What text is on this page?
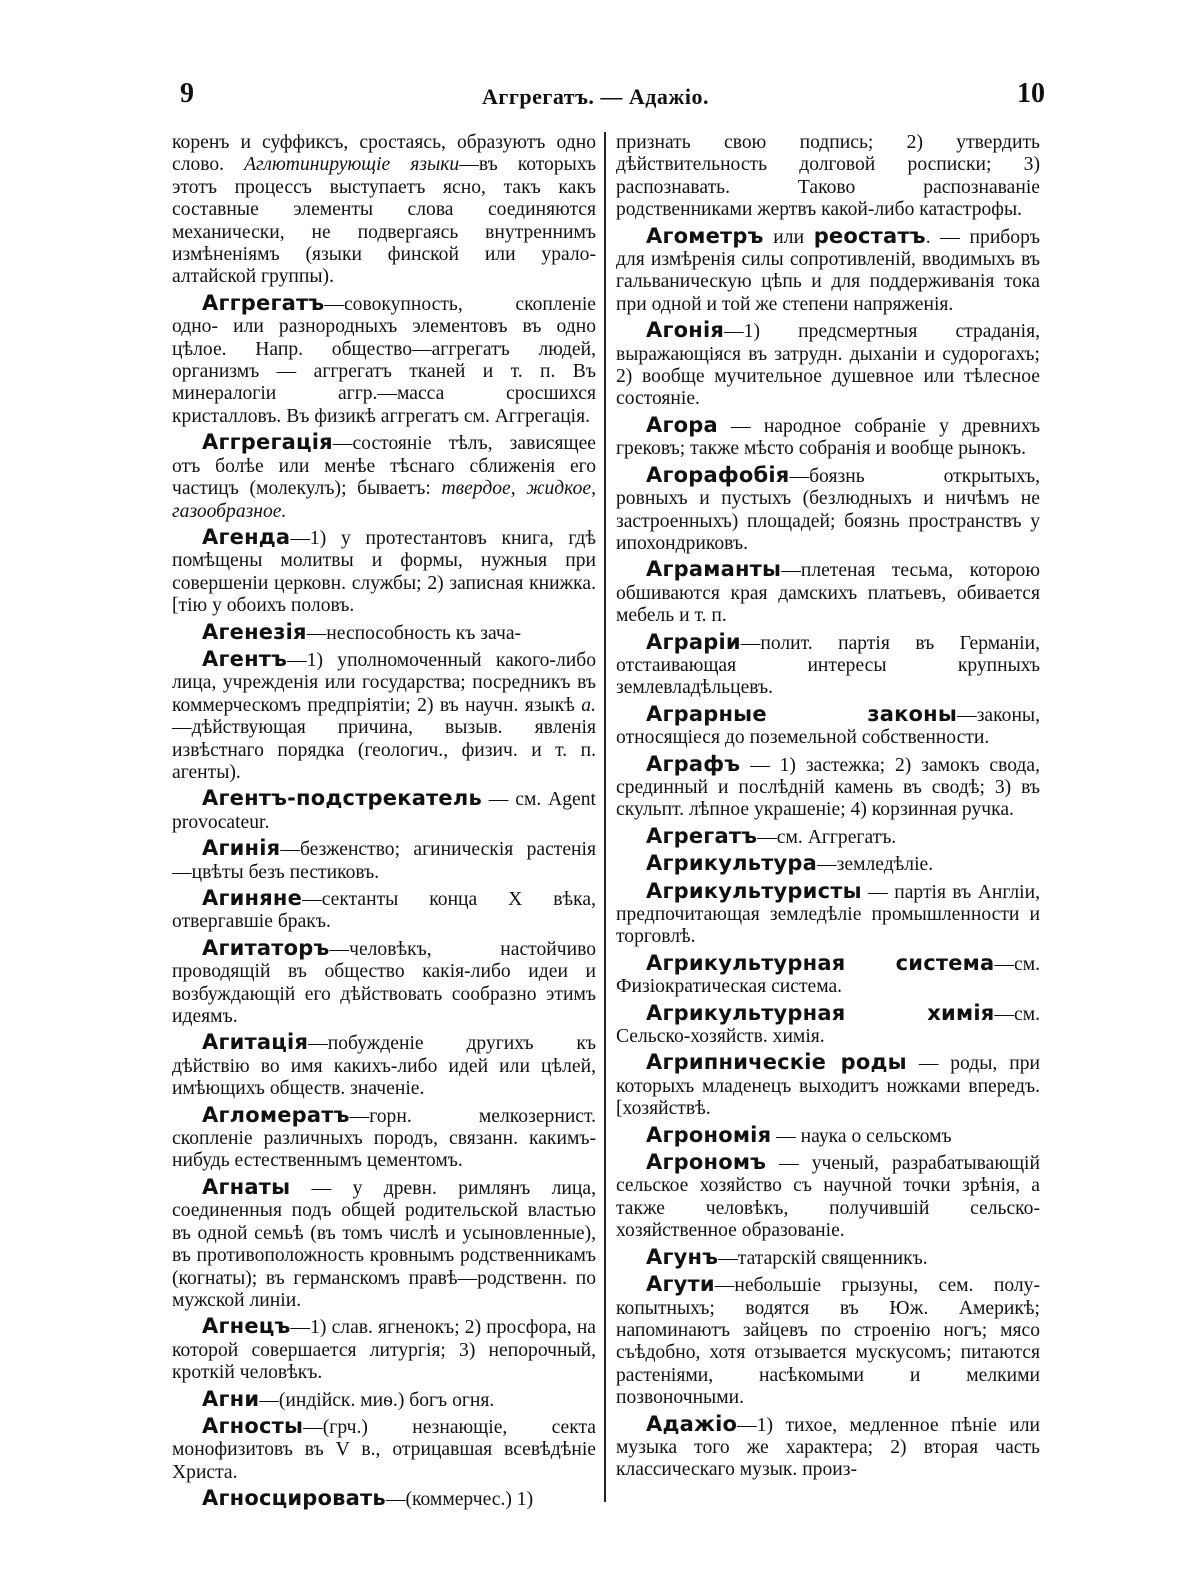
9	Аггрегатъ. — Адажіо.	10

коренъ и суффиксъ, сростаясь, образуютъ одно слово. Аглютинирующіе языки—въ которыхъ этотъ процессъ выступаетъ ясно, такъ какъ составные элементы слова соединяются механически, не подвергаясь внутреннимъ измѣненіямъ (языки финской или урало-алтайской группы).

Аггрегатъ—совокупность, скопленіе одно- или разнородныхъ элементовъ въ одно цѣлое. Напр. общество—аггрегатъ людей, организмъ — аггрегатъ тканей и т. п. Въ минералогіи аггр.—масса сросшихся кристалловъ. Въ физикѣ аггрегатъ см. Аггрегація.

Аггрегація—состояніе тѣлъ, зависящее отъ болѣе или менѣе тѣснаго сближенія его частицъ (молекулъ); бываетъ: твердое, жидкое, газообразное.

Агенда—1) у протестантовъ книга, гдѣ помѣщены молитвы и формы, нужныя при совершеніи церковн. службы; 2) записная книжка. [тію у обоихъ половъ.

Агенезія—неспособность къ зача-

Агентъ—1) уполномоченный какого-либо лица, учрежденія или государства; посредникъ въ коммерческомъ предпріятіи; 2) въ научн. языкѣ а.—дѣйствующая причина, вызыв. явленія извѣстнаго порядка (геологич., физич. и т. п. агенты).

Агентъ-подстрекатель — см. Agent provocateur.

Агинія—безженство; агиническія растенія—цвѣты безъ пестиковъ.

Агиняне—сектанты конца X вѣка, отвергавшіе бракъ.

Агитаторъ—человѣкъ, настойчиво проводящій въ общество какія-либо идеи и возбуждающій его дѣйствовать сообразно этимъ идеямъ.

Агитація—побужденіе другихъ къ дѣйствію во имя какихъ-либо идей или цѣлей, имѣющихъ обществ. значеніе.

Агломератъ—горн. мелкозернист. скопленіе различныхъ породъ, связанн. какимъ-нибудь естественнымъ цементомъ.

Агнаты — у древн. римлянъ лица, соединенныя подъ общей родительской властью въ одной семьѣ (въ томъ числѣ и усыновленные), въ противоположность кровнымъ родственникамъ (когнаты); въ германскомъ правѣ—родственн. по мужской линіи.

Агнецъ—1) слав. ягненокъ; 2) просфора, на которой совершается литургія; 3) непорочный, кроткій человѣкъ.

Агни—(индійск. миѳ.) богъ огня.

Агносты—(грч.) незнающіе, секта монофизитовъ въ V в., отрицавшая всевѣдѣніе Христа.

Агносцировать—(коммерчес.) 1)

признать свою подпись; 2) утвердить дѣйствительность долговой росписки; 3) распознавать. Таково распознаваніе родственниками жертвъ какой-либо катастрофы.

Агометръ или реостатъ. — приборъ для измѣренія силы сопротивленій, вводимыхъ въ гальваническую цѣпь и для поддерживанія тока при одной и той же степени напряженія.

Агонія—1) предсмертныя страданія, выражающіяся въ затрудн. дыханіи и судорогахъ; 2) вообще мучительное душевное или тѣлесное состояніе.

Агора — народное собраніе у древнихъ грековъ; также мѣсто собранія и вообще рынокъ.

Агорафобія—боязнь открытыхъ, ровныхъ и пустыхъ (безлюдныхъ и ничѣмъ не застроенныхъ) площадей; боязнь пространствъ у ипохондриковъ.

Аграманты—плетеная тесьма, которою обшиваются края дамскихъ платьевъ, обивается мебель и т. п.

Агрaріи—полит. партія въ Германіи, отстаивающая интересы крупныхъ землевладѣльцевъ.

Аграрные законы—законы, относящіеся до поземельной собственности.

Аграфъ — 1) застежка; 2) замокъ свода, срединный и послѣдній камень въ сводѣ; 3) въ скульпт. лѣпное украшеніе; 4) корзинная ручка.

Агрегатъ—см. Аггрегатъ.

Агрикультура—земледѣліе.

Агрикультуристы — партія въ Англіи, предпочитающая земледѣліе промышленности и торговлѣ.

Агрикультурная система—см. Физіократическая система.

Агрикультурная химія—см. Сельско-хозяйств. химія.

Агрипническіе роды — роды, при которыхъ младенецъ выходитъ ножками впередъ. [хозяйствѣ.

Агрономія — наука о сельскомъ

Агрономъ — ученый, разрабатывающій сельское хозяйство съ научной точки зрѣнія, а также человѣкъ, получившій сельско-хозяйственное образованіе.

Агунъ—татарскій священникъ.

Агути—небольшіе грызуны, сем. полу-копытныхъ; водятся въ Юж. Америкѣ; напоминаютъ зайцевъ по строенію ногъ; мясо съѣдобно, хотя отзывается мускусомъ; питаются растеніями, насѣкомыми и мелкими позвоночными.

Адажіо—1) тихое, медленное пѣніе или музыка того же характера; 2) вторая часть классическаго музык. произ-
